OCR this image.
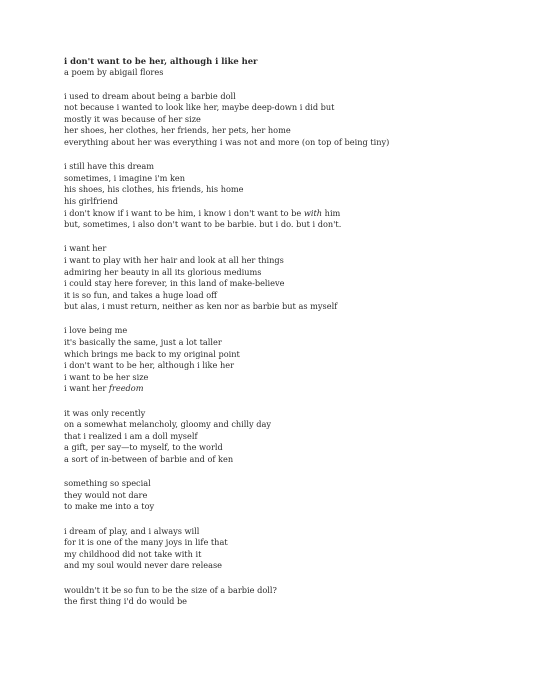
i don't want to be her, although i like her

a poem by abigail flores

i used to dream about being a barbie doll
not because i wanted to look like her, maybe deep-down i did but
mostly it was because of her size
her shoes, her clothes, her friends, her pets, her home
everything about her was everything i was not and more (on top of being tiny)
i still have this dream
sometimes, i imagine i'm ken
his shoes, his clothes, his friends, his home
his girlfriend
i don't know if i want to be him, i know i don't want to be with him
but, sometimes, i also don't want to be barbie. but i do. but i don't.
i want her
i want to play with her hair and look at all her things
admiring her beauty in all its glorious mediums
i could stay here forever, in this land of make-believe
it is so fun, and takes a huge load off
but alas, i must return, neither as ken nor as barbie but as myself
i love being me
it's basically the same, just a lot taller
which brings me back to my original point
i don't want to be her, although i like her
i want to be her size
i want her freedom
it was only recently
on a somewhat melancholy, gloomy and chilly day
that i realized i am a doll myself
a gift, per say—to myself, to the world
a sort of in-between of barbie and of ken
something so special
they would not dare
to make me into a toy
i dream of play, and i always will
for it is one of the many joys in life that
my childhood did not take with it
and my soul would never dare release
wouldn't it be so fun to be the size of a barbie doll?
the first thing i'd do would be
